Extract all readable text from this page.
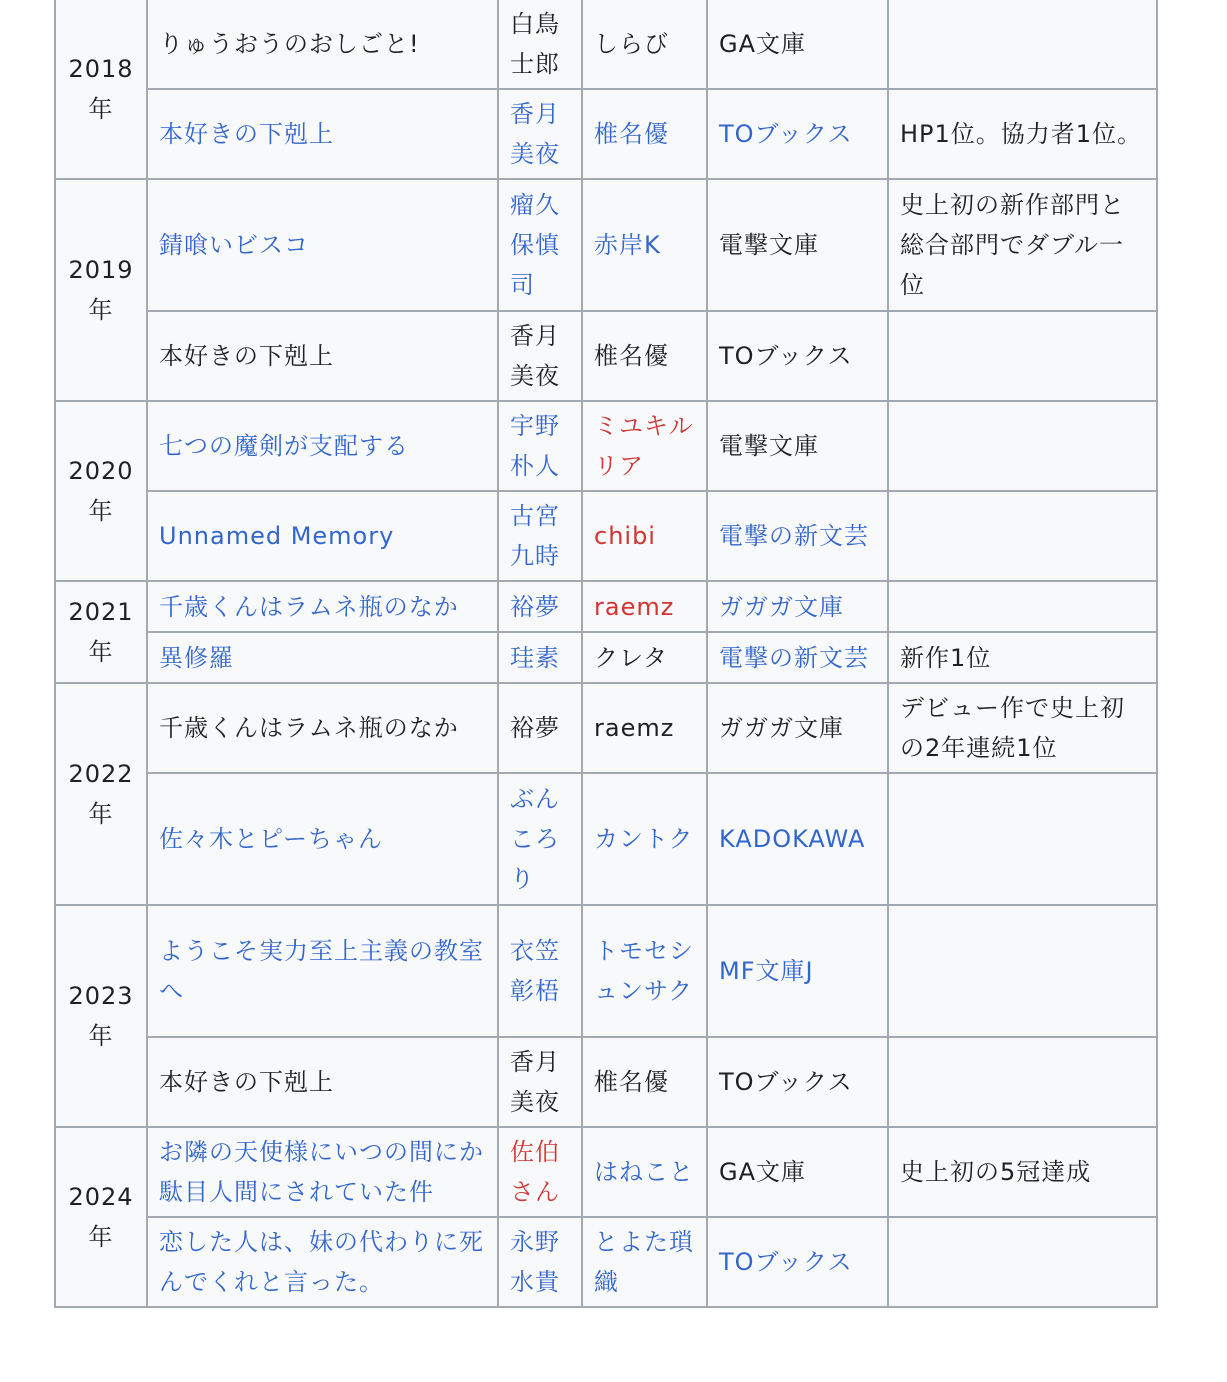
2018年	りゅうおうのおしごと!	白鳥士郎	しらび	GA文庫	
	本好きの下剋上	香月美夜	椎名優	TOブックス	HP1位。協力者1位。
2019年	錆喰いビスコ	瘤久保慎司	赤岸K	電撃文庫	史上初の新作部門と総合部門でダブル一位
	本好きの下剋上	香月美夜	椎名優	TOブックス	
2020年	七つの魔剣が支配する	宇野朴人	ミユキルリア	電撃文庫	
	Unnamed Memory	古宮九時	chibi	電撃の新文芸	
2021年	千歳くんはラムネ瓶のなか	裕夢	raemz	ガガガ文庫	
	異修羅	珪素	クレタ	電撃の新文芸	新作1位
2022年	千歳くんはラムネ瓶のなか	裕夢	raemz	ガガガ文庫	デビュー作で史上初の2年連続1位
	佐々木とピーちゃん	ぶんころり	カントク	KADOKAWA	
2023年	ようこそ実力至上主義の教室へ	衣笠彰梧	トモセシュンサク	MF文庫J	
	本好きの下剋上	香月美夜	椎名優	TOブックス	
2024年	お隣の天使様にいつの間にか駄目人間にされていた件	佐伯さん	はねこと	GA文庫	史上初の5冠達成
	恋した人は、妹の代わりに死んでくれと言った。	永野水貴	とよた瑣織	TOブックス	
